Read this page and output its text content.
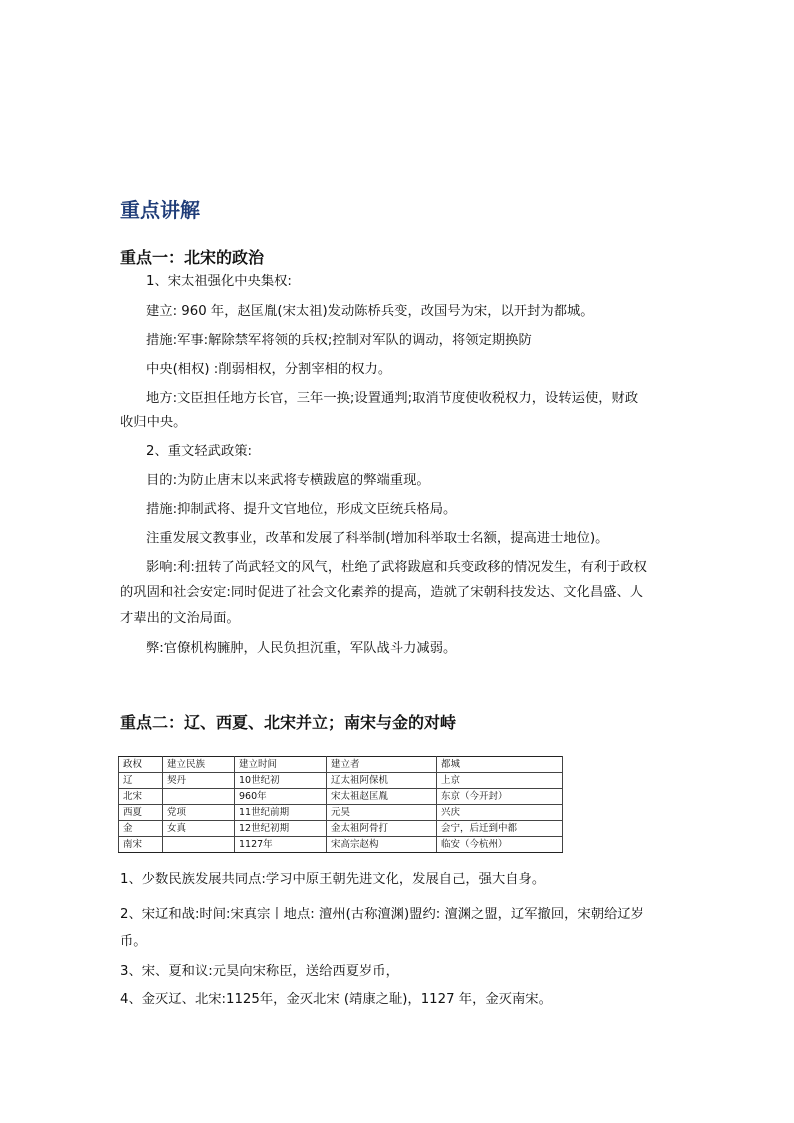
重点讲解
重点一：北宋的政治

1、宋太祖强化中央集权:

建立: 960 年，赵匡胤(宋太祖)发动陈桥兵变，改国号为宋，以开封为都城。

措施:军事:解除禁军将领的兵权;控制对军队的调动，将领定期换防

中央(相权) :削弱相权，分割宰相的权力。

地方:文臣担任地方长官，三年一换;设置通判;取消节度使收税权力，设转运使，财政

收归中央。

2、重文轻武政策:

目的:为防止唐末以来武将专横跋扈的弊端重现。

措施:抑制武将、提升文官地位，形成文臣统兵格局。

注重发展文教事业，改革和发展了科举制(增加科举取士名额，提高进士地位)。

影响:利:扭转了尚武轻文的风气，杜绝了武将跋扈和兵变政移的情况发生，有利于政权

的巩固和社会安定:同时促进了社会文化素养的提高，造就了宋朝科技发达、文化昌盛、人

才辈出的文治局面。

弊:官僚机构臃肿，人民负担沉重，军队战斗力减弱。

重点二：辽、西夏、北宋并立；南宋与金的对峙
政权	建立民族	建立时间	建立者	都城
辽	契丹	10世纪初	辽太祖阿保机	上京
北宋		960年	宋太祖赵匡胤	东京（今开封）
西夏	党项	11世纪前期	元昊	兴庆
金	女真	12世纪初期	金太祖阿骨打	会宁，后迁到中都
南宋		1127年	宋高宗赵构	临安（今杭州）

1、少数民族发展共同点:学习中原王朝先进文化，发展自己，强大自身。

2、宋辽和战:时间:宋真宗丨地点: 澶州(古称澶渊)盟约: 澶渊之盟，辽军撤回，宋朝给辽岁

币。

3、宋、夏和议:元昊向宋称臣，送给西夏岁币，

4、金灭辽、北宋:1125年，金灭北宋 (靖康之耻)，1127 年，金灭南宋。
